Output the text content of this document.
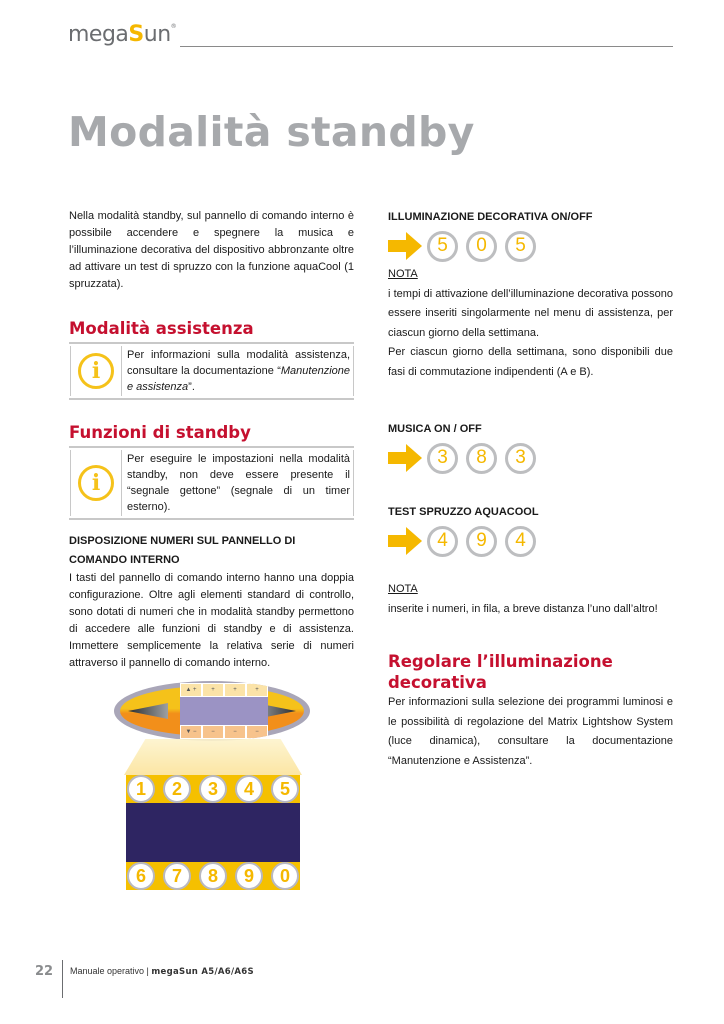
megaSun®
Modalità standby

Nella modalità standby, sul pannello di comando interno è possibile accendere e spegnere la musica e l’illuminazione decorativa del dispositivo abbronzante oltre ad attivare un test di spruzzo con la funzione aquaCool (1 spruzzata).

Modalità assistenza
i
Per informazioni sulla modalità assistenza, consultare la documentazione “Manutenzione e assistenza”.
Funzioni di standby
i
Per eseguire le impostazioni nella modalità standby, non deve essere presente il “segnale gettone” (segnale di un timer esterno).
DISPOSIZIONE NUMERI SUL PANNELLO DI COMANDO INTERNO

I tasti del pannello di comando interno hanno una doppia configurazione. Oltre agli elementi standard di controllo, sono dotati di numeri che in modalità standby permettono di accedere alle funzioni di standby e di assistenza. Immettere semplicemente la relativa serie di numeri attraverso il pannello di comando interno.

▲ +	+	+	+
▼ −	−	−	−
1	2	3	4	5
6	7	8	9	0
ILLUMINAZIONE DECORATIVA ON/OFF
5	0	5
NOTA

i tempi di attivazione dell’illuminazione decorativa possono essere inseriti singolarmente nel menu di assistenza, per ciascun giorno della settimana.

Per ciascun giorno della settimana, sono disponibili due fasi di commutazione indipendenti (A e B).

MUSICA ON / OFF
3	8	3
TEST SPRUZZO AQUACOOL
4	9	4
NOTA

inserite i numeri, in fila, a breve distanza l’uno dall’altro!

Regolare l’illuminazione decorativa

Per informazioni sulla selezione dei programmi luminosi e le possibilità di regolazione del Matrix Lightshow System (luce dinamica), consultare la documentazione “Manutenzione e Assistenza”.

22 Manuale operativo | megaSun A5/A6/A6S
